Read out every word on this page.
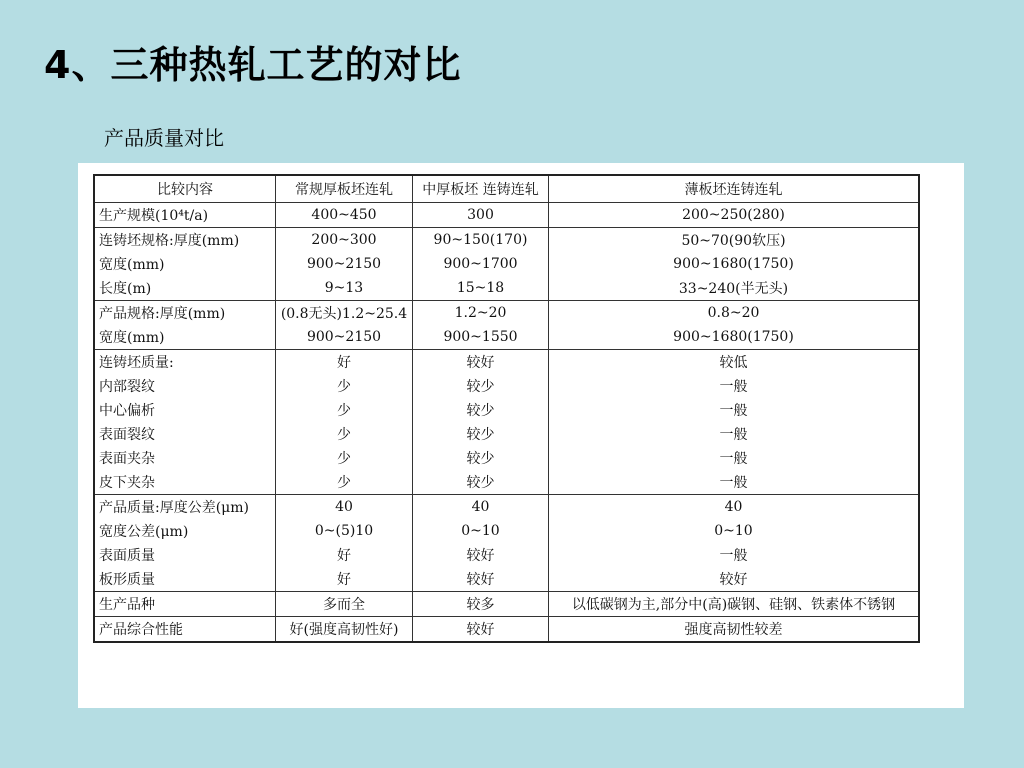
4、三种热轧工艺的对比
产品质量对比
比较内容	常规厚板坯连轧	中厚板坯 连铸连轧	薄板坯连铸连轧
生产规模(10⁴t/a)	400~450	300	200~250(280)
连铸坯规格:厚度(mm)	200~300	90~150(170)	50~70(90软压)
宽度(mm)	900~2150	900~1700	900~1680(1750)
长度(m)	9~13	15~18	33~240(半无头)
产品规格:厚度(mm)	(0.8无头)1.2~25.4	1.2~20	0.8~20
宽度(mm)	900~2150	900~1550	900~1680(1750)
连铸坯质量:	好	较好	较低
内部裂纹	少	较少	一般
中心偏析	少	较少	一般
表面裂纹	少	较少	一般
表面夹杂	少	较少	一般
皮下夹杂	少	较少	一般
产品质量:厚度公差(μm)	40	40	40
宽度公差(μm)	0~(5)10	0~10	0~10
表面质量	好	较好	一般
板形质量	好	较好	较好
生产品种	多而全	较多	以低碳钢为主,部分中(高)碳钢、硅钢、铁素体不锈钢
产品综合性能	好(强度高韧性好)	较好	强度高韧性较差
